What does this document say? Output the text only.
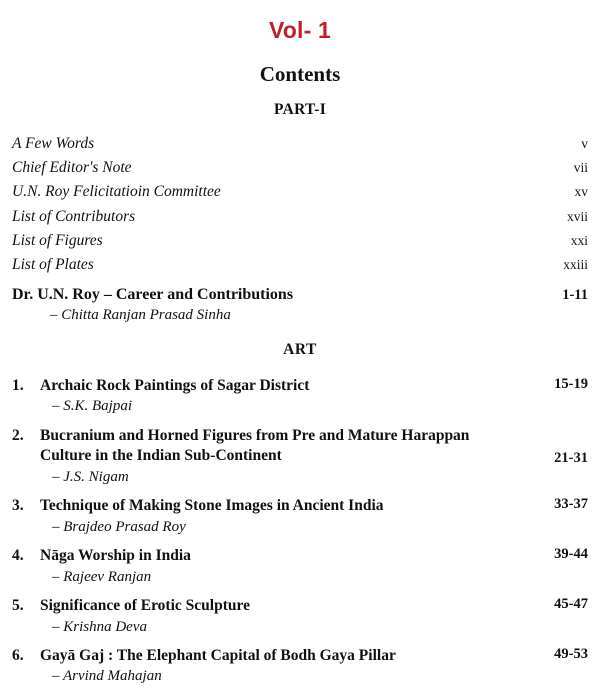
Vol- 1
Contents
PART-I
A Few Words	v
Chief Editor's Note	vii
U.N. Roy Felicitatioin Committee	xv
List of Contributors	xvii
List of Figures	xxi
List of Plates	xxiii
Dr. U.N. Roy – Career and Contributions	1-11
– Chitta Ranjan Prasad Sinha
ART
1.	Archaic Rock Paintings of Sagar District	15-19
– S.K. Bajpai
2.	Bucranium and Horned Figures from Pre and Mature Harappan
Culture in the Indian Sub-Continent	21-31
– J.S. Nigam
3.	Technique of Making Stone Images in Ancient India	33-37
– Brajdeo Prasad Roy
4.	Nāga Worship in India	39-44
– Rajeev Ranjan
5.	Significance of Erotic Sculpture	45-47
– Krishna Deva
6.	Gayā Gaj : The Elephant Capital of Bodh Gaya Pillar	49-53
– Arvind Mahajan
